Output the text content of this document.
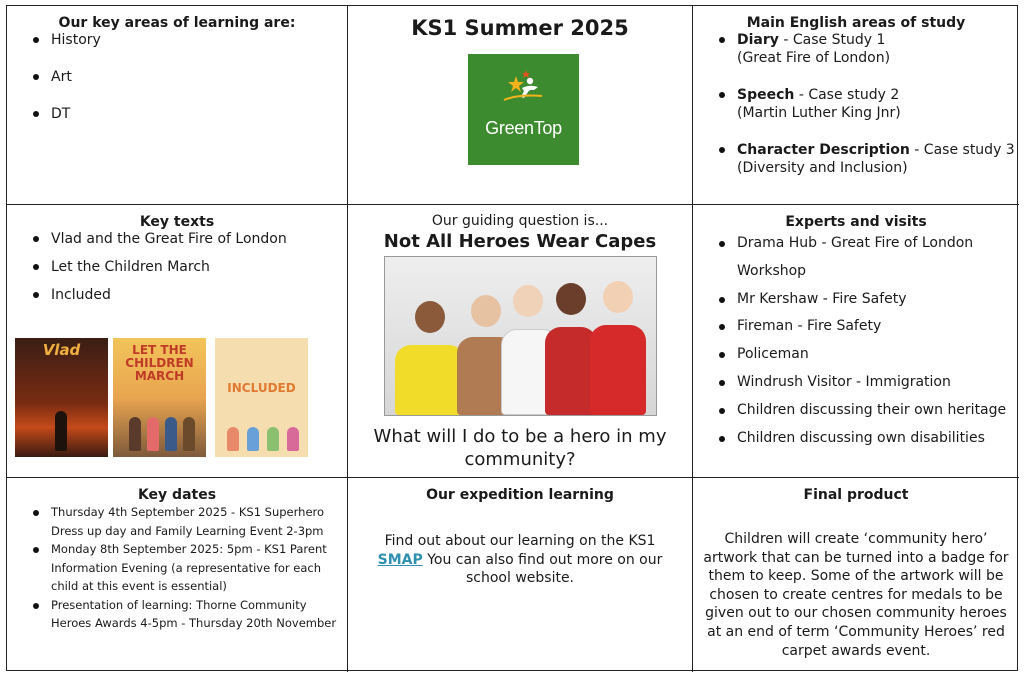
Our key areas of learning are:
History
Art
DT
KS1 Summer 2025
GreenTop
Main English areas of study
Diary - Case Study 1
(Great Fire of London)
Speech - Case study 2
(Martin Luther King Jnr)
Character Description - Case study 3
(Diversity and Inclusion)
Key texts
Vlad and the Great Fire of London
Let the Children March
Included
Vlad	LET THE CHILDREN MARCH
INCLUDED
Our guiding question is...
Not All Heroes Wear Capes
What will I do to be a hero in my community?
Experts and visits
Drama Hub - Great Fire of London Workshop
Mr Kershaw - Fire Safety
Fireman - Fire Safety
Policeman
Windrush Visitor - Immigration
Children discussing their own heritage
Children discussing own disabilities
Key dates
Thursday 4th September 2025 - KS1 Superhero Dress up day and Family Learning Event 2-3pm
Monday 8th September 2025: 5pm - KS1 Parent Information Evening (a representative for each child at this event is essential)
Presentation of learning: Thorne Community Heroes Awards 4-5pm - Thursday 20th November
Our expedition learning
Find out about our learning on the KS1 SMAP You can also find out more on our school website.
Final product
Children will create ‘community hero’ artwork that can be turned into a badge for them to keep. Some of the artwork will be chosen to create centres for medals to be given out to our chosen community heroes at an end of term ‘Community Heroes’ red carpet awards event.
